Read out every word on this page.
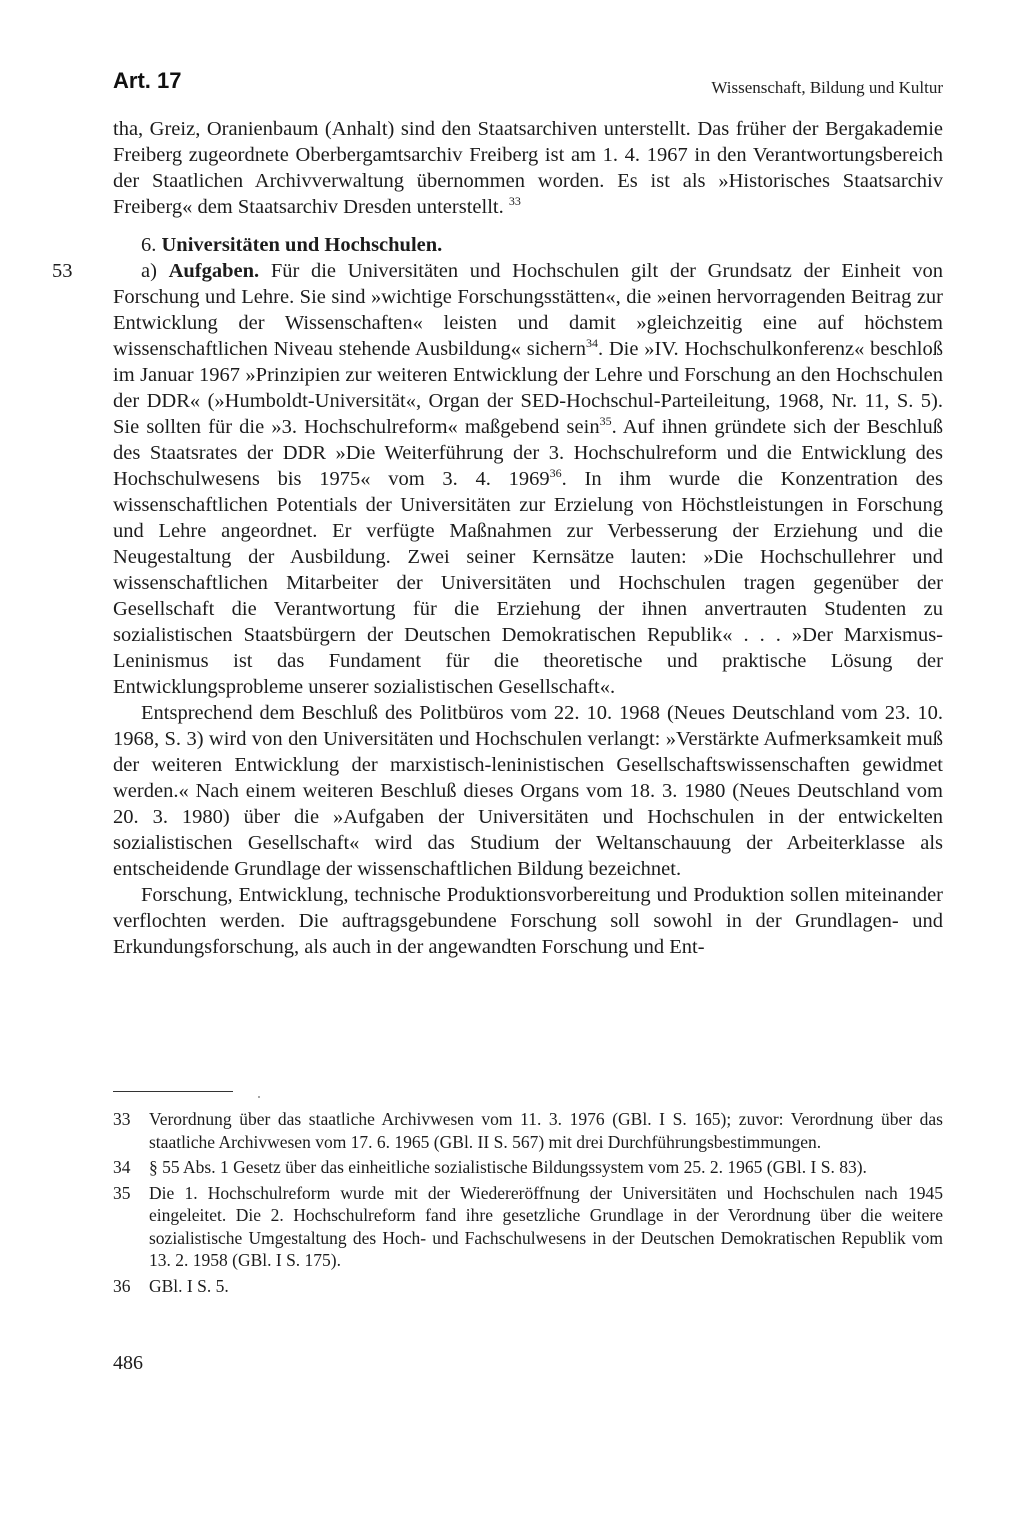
Art. 17	Wissenschaft, Bildung und Kultur

tha, Greiz, Oranienbaum (Anhalt) sind den Staatsarchiven unterstellt. Das früher der Bergakademie Freiberg zugeordnete Oberbergamtsarchiv Freiberg ist am 1. 4. 1967 in den Verantwortungsbereich der Staatlichen Archivverwaltung übernommen worden. Es ist als »Historisches Staatsarchiv Freiberg« dem Staatsarchiv Dresden unterstellt. $^{33}$

6. Universitäten und Hochschulen.
53	a) Aufgaben. Für die Universitäten und Hochschulen gilt der Grundsatz der Einheit von Forschung und Lehre. Sie sind »wichtige Forschungsstätten«, die »einen hervorragenden Beitrag zur Entwicklung der Wissenschaften« leisten und damit »gleichzeitig eine auf höchstem wissenschaftlichen Niveau stehende Ausbildung« sichern$^{34}$. Die »IV. Hochschulkonferenz« beschloß im Januar 1967 »Prinzipien zur weiteren Entwicklung der Lehre und Forschung an den Hochschulen der DDR« (»Humboldt-Universität«, Organ der SED-Hochschul-Parteileitung, 1968, Nr. 11, S. 5). Sie sollten für die »3. Hochschulreform« maßgebend sein$^{35}$. Auf ihnen gründete sich der Beschluß des Staatsrates der DDR »Die Weiterführung der 3. Hochschulreform und die Entwicklung des Hochschulwesens bis 1975« vom 3. 4. 1969$^{36}$. In ihm wurde die Konzentration des wissenschaftlichen Potentials der Universitäten zur Erzielung von Höchstleistungen in Forschung und Lehre angeordnet. Er verfügte Maßnahmen zur Verbesserung der Erziehung und die Neugestaltung der Ausbildung. Zwei seiner Kernsätze lauten: »Die Hochschullehrer und wissenschaftlichen Mitarbeiter der Universitäten und Hochschulen tragen gegenüber der Gesellschaft die Verantwortung für die Erziehung der ihnen anvertrauten Studenten zu sozialistischen Staatsbürgern der Deutschen Demokratischen Republik« . . . »Der Marxismus-Leninismus ist das Fundament für die theoretische und praktische Lösung der Entwicklungsprobleme unserer sozialistischen Gesellschaft«.

Entsprechend dem Beschluß des Politbüros vom 22. 10. 1968 (Neues Deutschland vom 23. 10. 1968, S. 3) wird von den Universitäten und Hochschulen verlangt: »Verstärkte Aufmerksamkeit muß der weiteren Entwicklung der marxistisch-leninistischen Gesellschaftswissenschaften gewidmet werden.« Nach einem weiteren Beschluß dieses Organs vom 18. 3. 1980 (Neues Deutschland vom 20. 3. 1980) über die »Aufgaben der Universitäten und Hochschulen in der entwickelten sozialistischen Gesellschaft« wird das Studium der Weltanschauung der Arbeiterklasse als entscheidende Grundlage der wissenschaftlichen Bildung bezeichnet.

Forschung, Entwicklung, technische Produktionsvorbereitung und Produktion sollen miteinander verflochten werden. Die auftragsgebundene Forschung soll sowohl in der Grundlagen- und Erkundungsforschung, als auch in der angewandten Forschung und Ent-

33 Verordnung über das staatliche Archivwesen vom 11. 3. 1976 (GBl. I S. 165); zuvor: Verordnung über das staatliche Archivwesen vom 17. 6. 1965 (GBl. II S. 567) mit drei Durchführungsbestimmungen.
34 § 55 Abs. 1 Gesetz über das einheitliche sozialistische Bildungssystem vom 25. 2. 1965 (GBl. I S. 83).
35 Die 1. Hochschulreform wurde mit der Wiedereröffnung der Universitäten und Hochschulen nach 1945 eingeleitet. Die 2. Hochschulreform fand ihre gesetzliche Grundlage in der Verordnung über die weitere sozialistische Umgestaltung des Hoch- und Fachschulwesens in der Deutschen Demokratischen Republik vom 13. 2. 1958 (GBl. I S. 175).
36 GBl. I S. 5.
486
